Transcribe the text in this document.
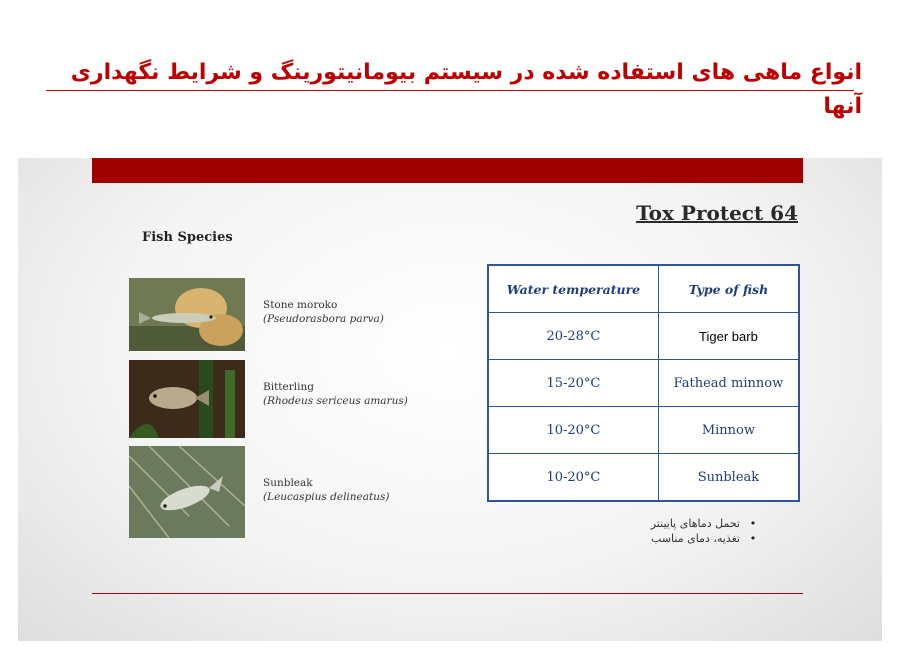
انواع ماهی های استفاده شده در سیستم بیومانیتورینگ و شرایط نگهداری آنها
Tox Protect 64
Fish Species
Stone moroko
(Pseudorasbora parva)
Bitterling
(Rhodeus sericeus amarus)
Sunbleak
(Leucaspius delineatus)
Water temperature	Type of fish
20-28°C	Tiger barb
15-20°C	Fathead minnow
10-20°C	Minnow
10-20°C	Sunbleak
• تحمل دماهای پایینتر
• تغذیه، دمای مناسب
